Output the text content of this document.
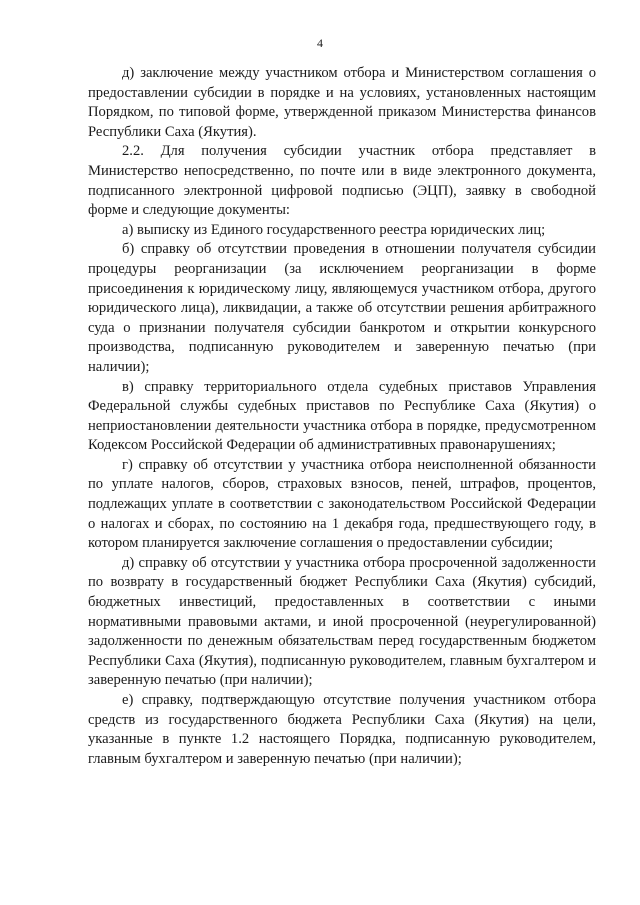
4

д) заключение между участником отбора и Министерством соглашения о предоставлении субсидии в порядке и на условиях, установленных настоящим Порядком, по типовой форме, утвержденной приказом Министерства финансов Республики Саха (Якутия).

2.2. Для получения субсидии участник отбора представляет в Министерство непосредственно, по почте или в виде электронного документа, подписанного электронной цифровой подписью (ЭЦП), заявку в свободной форме и следующие документы:

а) выписку из Единого государственного реестра юридических лиц;

б) справку об отсутствии проведения в отношении получателя субсидии процедуры реорганизации (за исключением реорганизации в форме присоединения к юридическому лицу, являющемуся участником отбора, другого юридического лица), ликвидации, а также об отсутствии решения арбитражного суда о признании получателя субсидии банкротом и открытии конкурсного производства, подписанную руководителем и заверенную печатью (при наличии);

в) справку территориального отдела судебных приставов Управления Федеральной службы судебных приставов по Республике Саха (Якутия) о неприостановлении деятельности участника отбора в порядке, предусмотренном Кодексом Российской Федерации об административных правонарушениях;

г) справку об отсутствии у участника отбора неисполненной обязанности по уплате налогов, сборов, страховых взносов, пеней, штрафов, процентов, подлежащих уплате в соответствии с законодательством Российской Федерации о налогах и сборах, по состоянию на 1 декабря года, предшествующего году, в котором планируется заключение соглашения о предоставлении субсидии;

д) справку об отсутствии у участника отбора просроченной задолженности по возврату в государственный бюджет Республики Саха (Якутия) субсидий, бюджетных инвестиций, предоставленных в соответствии с иными нормативными правовыми актами, и иной просроченной (неурегулированной) задолженности по денежным обязательствам перед государственным бюджетом Республики Саха (Якутия), подписанную руководителем, главным бухгалтером и заверенную печатью (при наличии);

е) справку, подтверждающую отсутствие получения участником отбора средств из государственного бюджета Республики Саха (Якутия) на цели, указанные в пункте 1.2 настоящего Порядка, подписанную руководителем, главным бухгалтером и заверенную печатью (при наличии);
